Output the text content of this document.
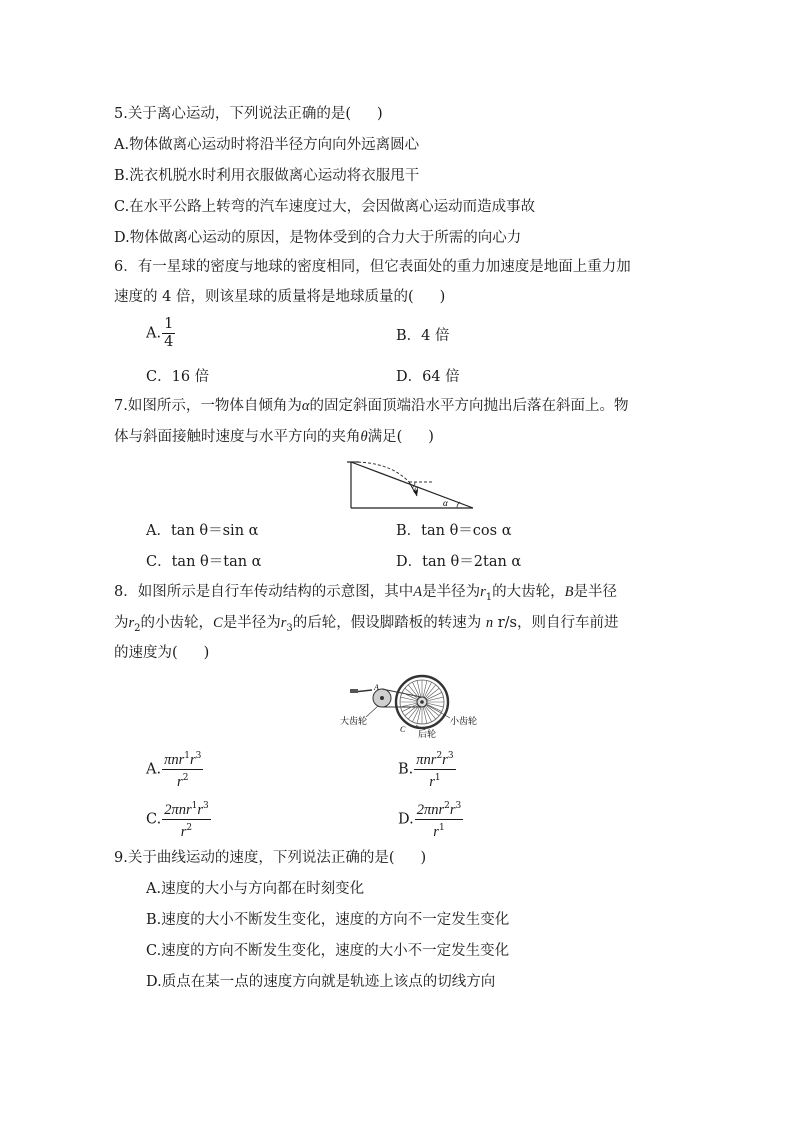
5.关于离心运动，下列说法正确的是( )
A.物体做离心运动时将沿半径方向向外远离圆心
B.洗衣机脱水时利用衣服做离心运动将衣服甩干
C.在水平公路上转弯的汽车速度过大，会因做离心运动而造成事故
D.物体做离心运动的原因，是物体受到的合力大于所需的向心力
6．有一星球的密度与地球的密度相同，但它表面处的重力加速度是地面上重力加
速度的 4 倍，则该星球的质量将是地球质量的( )
A. $\frac{1}{4}$	B．4 倍
C．16 倍	D．64 倍
7.如图所示，一物体自倾角为α的固定斜面顶端沿水平方向抛出后落在斜面上。物
体与斜面接触时速度与水平方向的夹角θ满足( )
θ
α
A．tan θ＝sin α	B．tan θ＝cos α
C．tan θ＝tan α	D．tan θ＝2tan α
8．如图所示是自行车传动结构的示意图，其中A是半径为$r_1$的大齿轮，B是半径
为$r_2$的小齿轮，C是半径为$r_3$的后轮，假设脚踏板的转速为 n r/s，则自行车前进
的速度为( )
A
大齿轮	小齿轮
C
后轮
A. $\frac{\pi nr^1r^3}{r^2}$	B. $\frac{\pi nr^2r^3}{r^1}$
C. $\frac{2\pi nr^1r^3}{r^2}$	D. $\frac{2\pi nr^2r^3}{r^1}$
9.关于曲线运动的速度，下列说法正确的是( )
A.速度的大小与方向都在时刻变化
B.速度的大小不断发生变化，速度的方向不一定发生变化
C.速度的方向不断发生变化，速度的大小不一定发生变化
D.质点在某一点的速度方向就是轨迹上该点的切线方向
